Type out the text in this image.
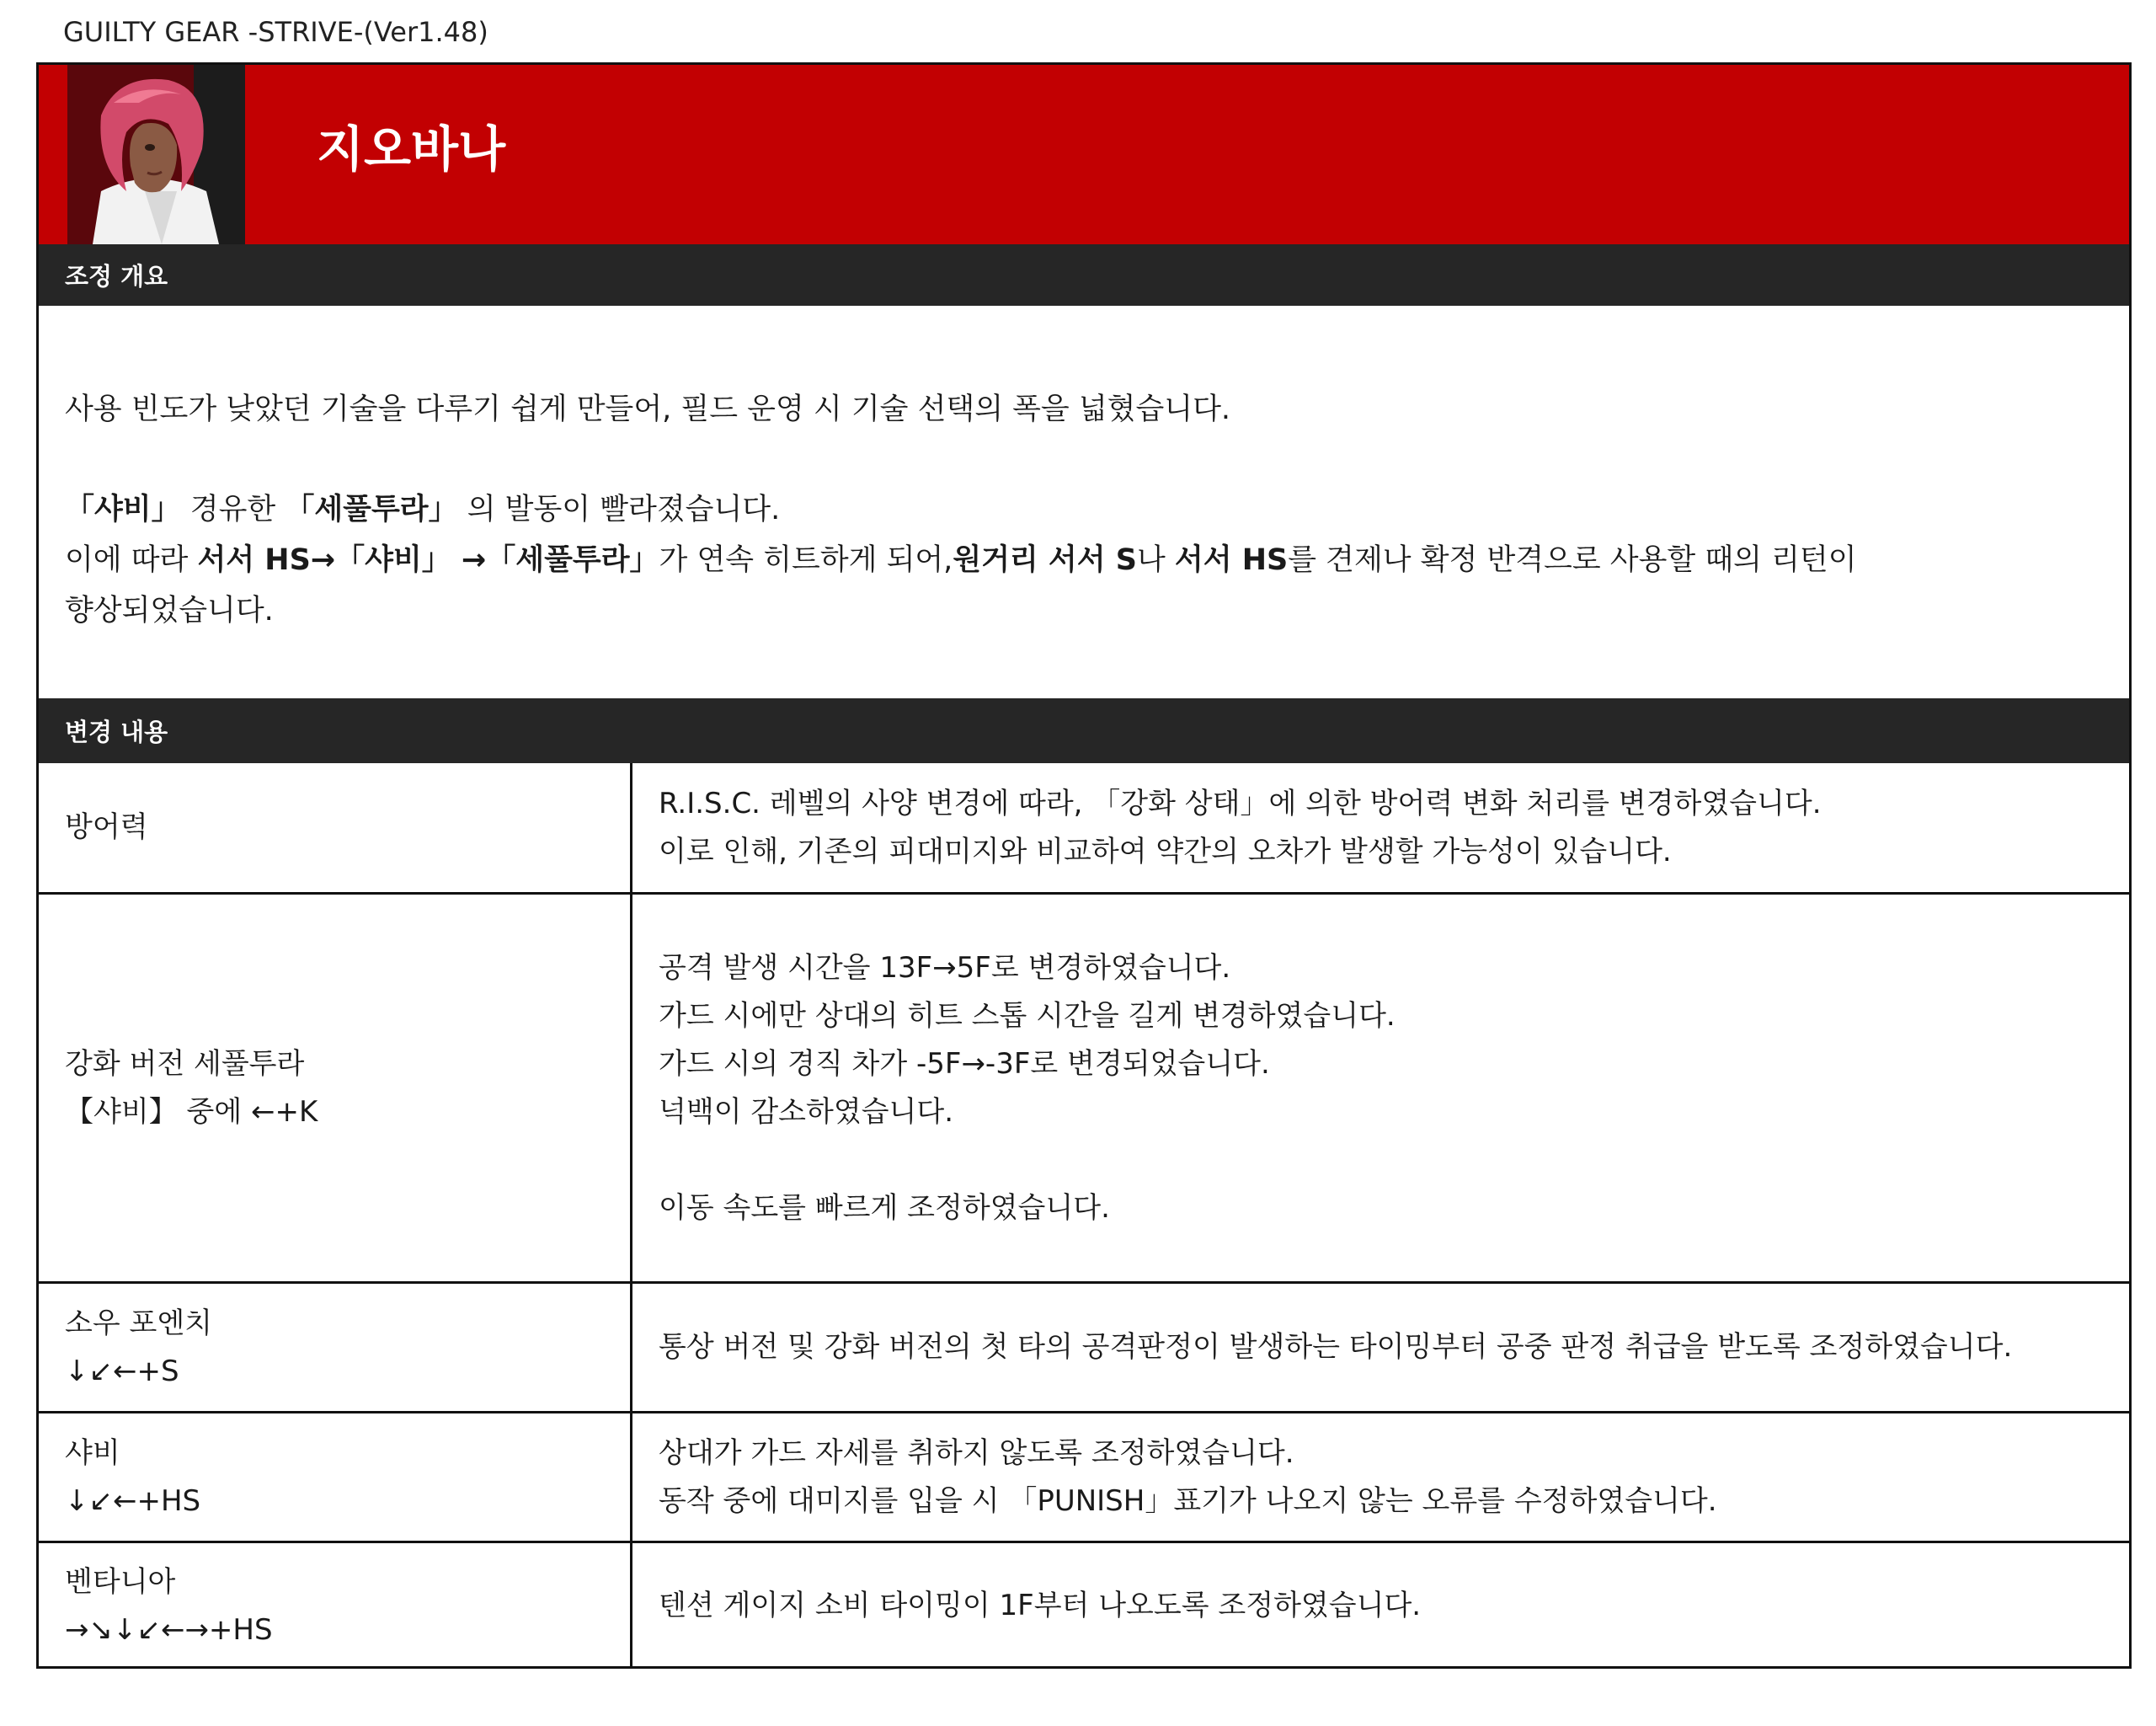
GUILTY GEAR -STRIVE-(Ver1.48)
지오바나
조정 개요
사용 빈도가 낮았던 기술을 다루기 쉽게 만들어, 필드 운영 시 기술 선택의 폭을 넓혔습니다.
「샤비」 경유한 「세풀투라」 의 발동이 빨라졌습니다.
이에 따라 서서 HS→「샤비」 →「세풀투라」가 연속 히트하게 되어,원거리 서서 S나 서서 HS를 견제나 확정 반격으로 사용할 때의 리턴이
향상되었습니다.
변경 내용
방어력
R.I.S.C. 레벨의 사양 변경에 따라, 「강화 상태」에 의한 방어력 변화 처리를 변경하였습니다.
이로 인해, 기존의 피대미지와 비교하여 약간의 오차가 발생할 가능성이 있습니다.
강화 버전 세풀투라
【샤비】 중에 ←+K
공격 발생 시간을 13F→5F로 변경하였습니다.
가드 시에만 상대의 히트 스톱 시간을 길게 변경하였습니다.
가드 시의 경직 차가 -5F→-3F로 변경되었습니다.
넉백이 감소하였습니다.
이동 속도를 빠르게 조정하였습니다.
소우 포엔치
↓↙←+S
통상 버전 및 강화 버전의 첫 타의 공격판정이 발생하는 타이밍부터 공중 판정 취급을 받도록 조정하였습니다.
샤비
↓↙←+HS
상대가 가드 자세를 취하지 않도록 조정하였습니다.
동작 중에 대미지를 입을 시 「PUNISH」표기가 나오지 않는 오류를 수정하였습니다.
벤타니아
→↘↓↙←→+HS
텐션 게이지 소비 타이밍이 1F부터 나오도록 조정하였습니다.
